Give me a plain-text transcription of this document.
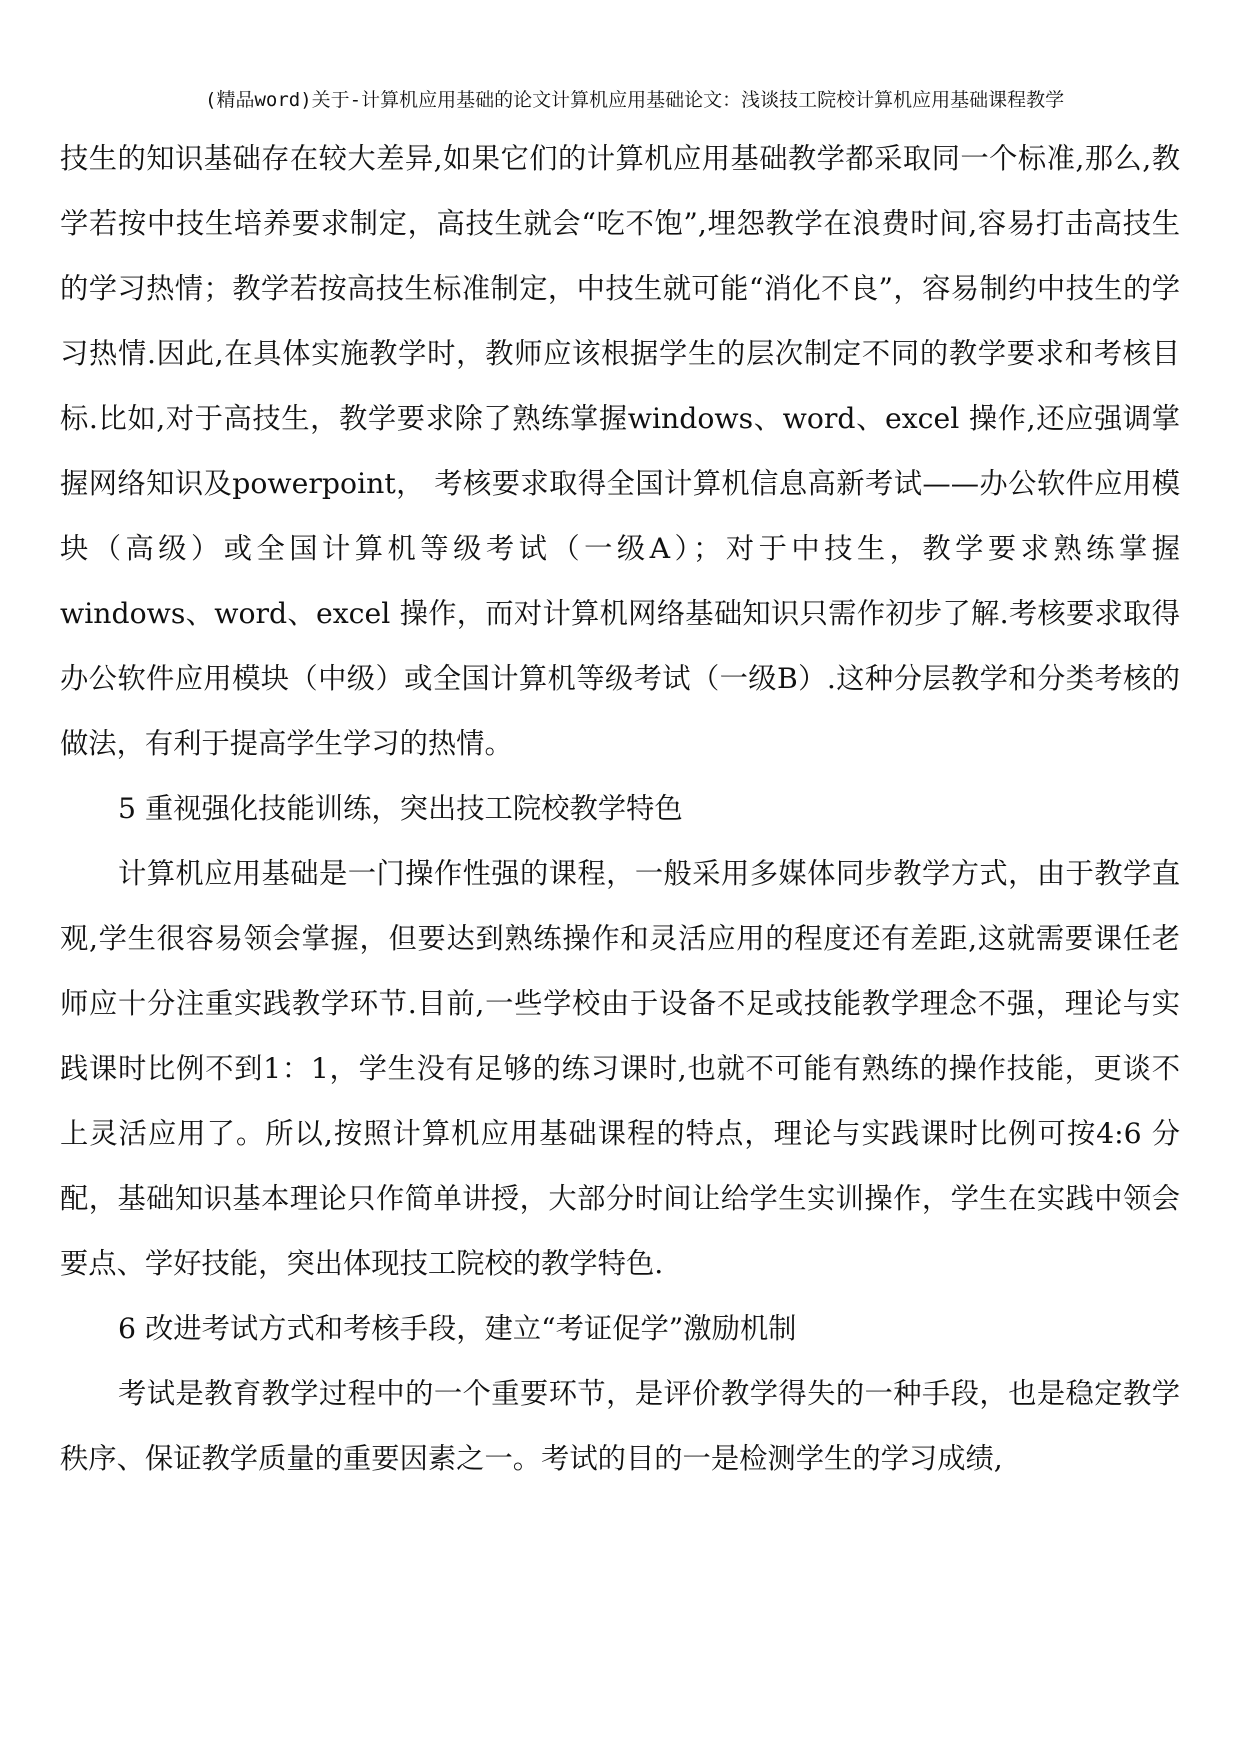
(精品word)关于-计算机应用基础的论文计算机应用基础论文：浅谈技工院校计算机应用基础课程教学

技生的知识基础存在较大差异,如果它们的计算机应用基础教学都采取同一个标准,那么,教学若按中技生培养要求制定，高技生就会“吃不饱”,埋怨教学在浪费时间,容易打击高技生的学习热情；教学若按高技生标准制定，中技生就可能“消化不良”，容易制约中技生的学习热情.因此,在具体实施教学时，教师应该根据学生的层次制定不同的教学要求和考核目标.比如,对于高技生，教学要求除了熟练掌握windows、word、excel 操作,还应强调掌握网络知识及powerpoint， 考核要求取得全国计算机信息高新考试——办公软件应用模块（高级）或全国计算机等级考试（一级A）；对于中技生，教学要求熟练掌握windows、word、excel 操作，而对计算机网络基础知识只需作初步了解.考核要求取得办公软件应用模块（中级）或全国计算机等级考试（一级B）.这种分层教学和分类考核的做法，有利于提高学生学习的热情。

5 重视强化技能训练，突出技工院校教学特色

计算机应用基础是一门操作性强的课程，一般采用多媒体同步教学方式，由于教学直观,学生很容易领会掌握，但要达到熟练操作和灵活应用的程度还有差距,这就需要课任老师应十分注重实践教学环节.目前,一些学校由于设备不足或技能教学理念不强，理论与实践课时比例不到1：1，学生没有足够的练习课时,也就不可能有熟练的操作技能，更谈不上灵活应用了。所以,按照计算机应用基础课程的特点，理论与实践课时比例可按4:6 分配，基础知识基本理论只作简单讲授，大部分时间让给学生实训操作，学生在实践中领会要点、学好技能，突出体现技工院校的教学特色.

6 改进考试方式和考核手段，建立“考证促学”激励机制

考试是教育教学过程中的一个重要环节，是评价教学得失的一种手段，也是稳定教学秩序、保证教学质量的重要因素之一。考试的目的一是检测学生的学习成绩,
